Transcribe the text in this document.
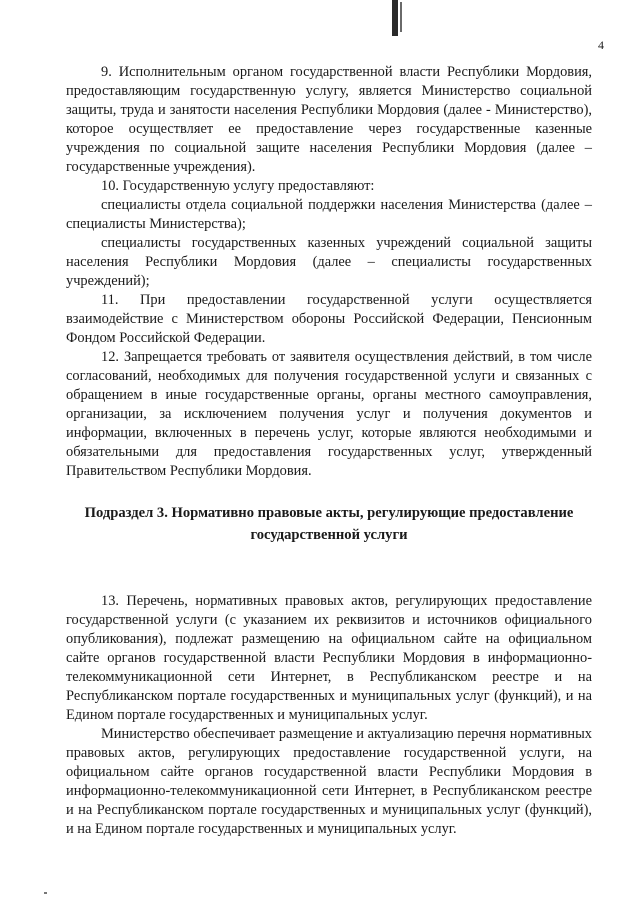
4

9. Исполнительным органом государственной власти Республики Мордовия, предоставляющим государственную услугу, является Министерство социальной защиты, труда и занятости населения Республики Мордовия (далее - Министерство), которое осуществляет ее предоставление через государственные казенные учреждения по социальной защите населения Республики Мордовия (далее – государственные учреждения).

10. Государственную услугу предоставляют:

специалисты отдела социальной поддержки населения Министерства (далее – специалисты Министерства);

специалисты государственных казенных учреждений социальной защиты населения Республики Мордовия (далее – специалисты государственных учреждений);

11. При предоставлении государственной услуги осуществляется взаимодействие с Министерством обороны Российской Федерации, Пенсионным Фондом Российской Федерации.

12. Запрещается требовать от заявителя осуществления действий, в том числе согласований, необходимых для получения государственной услуги и связанных с обращением в иные государственные органы, органы местного самоуправления, организации, за исключением получения услуг и получения документов и информации, включенных в перечень услуг, которые являются необходимыми и обязательными для предоставления государственных услуг, утвержденный Правительством Республики Мордовия.

Подраздел 3. Нормативно правовые акты, регулирующие предоставление государственной услуги

13. Перечень, нормативных правовых актов, регулирующих предоставление государственной услуги (с указанием их реквизитов и источников официального опубликования), подлежат размещению на официальном сайте на официальном сайте органов государственной власти Республики Мордовия в информационно-телекоммуникационной сети Интернет, в Республиканском реестре и на Республиканском портале государственных и муниципальных услуг (функций), и на Едином портале государственных и муниципальных услуг.

Министерство обеспечивает размещение и актуализацию перечня нормативных правовых актов, регулирующих предоставление государственной услуги, на официальном сайте органов государственной власти Республики Мордовия в информационно-телекоммуникационной сети Интернет, в Республиканском реестре и на Республиканском портале государственных и муниципальных услуг (функций), и на Едином портале государственных и муниципальных услуг.
